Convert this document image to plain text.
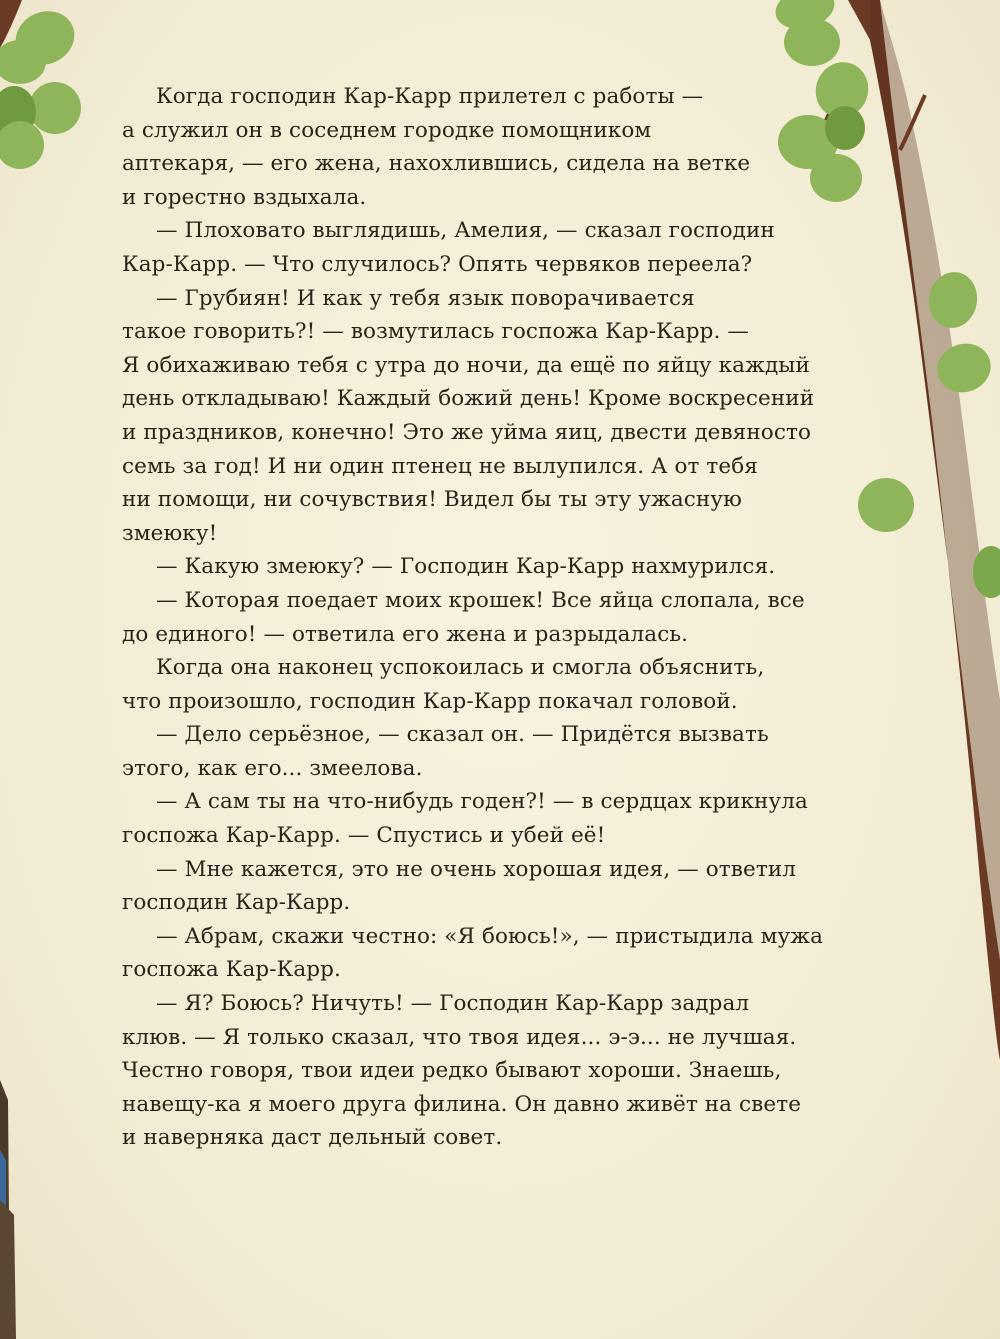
Когда господин Кар-Карр прилетел с работы —
а служил он в соседнем городке помощником
аптекаря, — его жена, нахохлившись, сидела на ветке
и горестно вздыхала.
— Плоховато выглядишь, Амелия, — сказал господин
Кар-Карр. — Что случилось? Опять червяков переела?
— Грубиян! И как у тебя язык поворачивается
такое говорить?! — возмутилась госпожа Кар-Карр. —
Я обихаживаю тебя с утра до ночи, да ещё по яйцу каждый
день откладываю! Каждый божий день! Кроме воскресений
и праздников, конечно! Это же уйма яиц, двести девяносто
семь за год! И ни один птенец не вылупился. А от тебя
ни помощи, ни сочувствия! Видел бы ты эту ужасную
змеюку!
— Какую змеюку? — Господин Кар-Карр нахмурился.
— Которая поедает моих крошек! Все яйца слопала, все
до единого! — ответила его жена и разрыдалась.
Когда она наконец успокоилась и смогла объяснить,
что произошло, господин Кар-Карр покачал головой.
— Дело серьёзное, — сказал он. — Придётся вызвать
этого, как его... змеелова.
— А сам ты на что-нибудь годен?! — в сердцах крикнула
госпожа Кар-Карр. — Спустись и убей её!
— Мне кажется, это не очень хорошая идея, — ответил
господин Кар-Карр.
— Абрам, скажи честно: «Я боюсь!», — пристыдила мужа
госпожа Кар-Карр.
— Я? Боюсь? Ничуть! — Господин Кар-Карр задрал
клюв. — Я только сказал, что твоя идея... э-э... не лучшая.
Честно говоря, твои идеи редко бывают хороши. Знаешь,
навещу-ка я моего друга филина. Он давно живёт на свете
и наверняка даст дельный совет.
